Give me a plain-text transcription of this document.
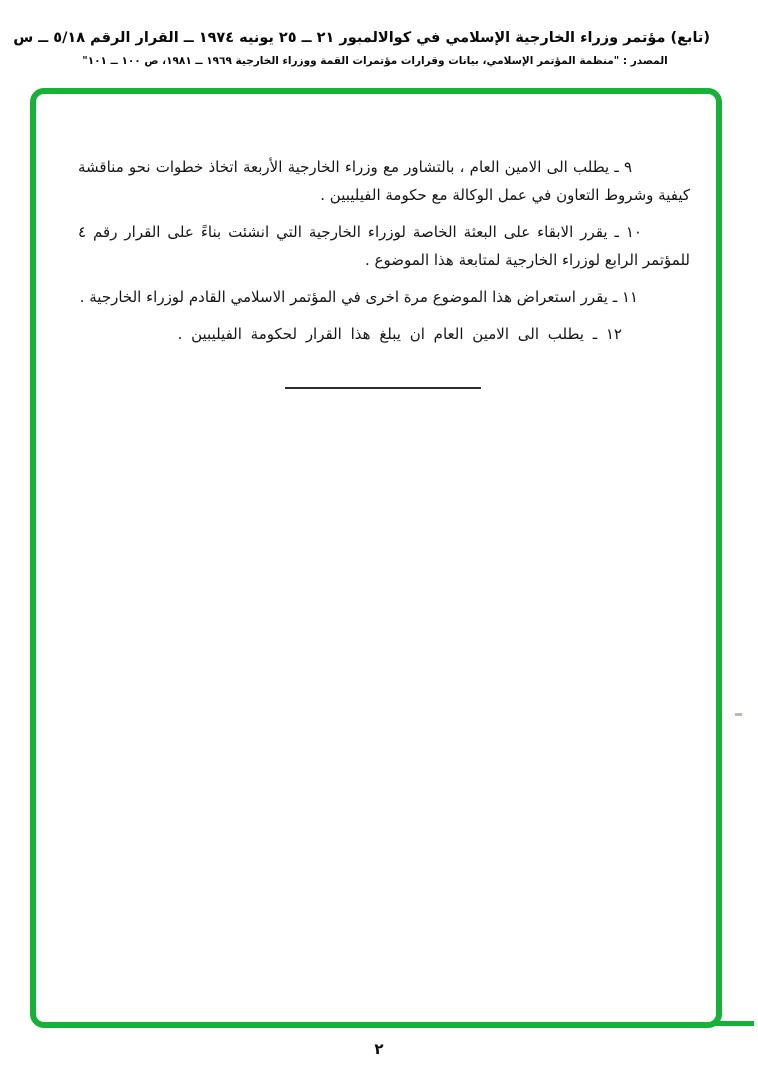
(تابع) مؤتمر وزراء الخارجية الإسلامي في كوالالمبور ٢١ ــ ٢٥ يونيه ١٩٧٤ ــ القرار الرقم ٥/١٨ ــ س
المصدر : "منظمة المؤتمر الإسلامي، بيانات وقرارات مؤتمرات القمة ووزراء الخارجية ١٩٦٩ ــ ١٩٨١، ص ١٠٠ ــ ١٠١"

٩ ـ يطلب الى الامين العام ، بالتشاور مع وزراء الخارجية الأربعة اتخاذ خطوات نحو مناقشة كيفية وشروط التعاون في عمل الوكالة مع حكومة الفيليبين .

١٠ ـ يقرر الابقاء على البعثة الخاصة لوزراء الخارجية التي انشئت بناءً على القرار رقم ٤ للمؤتمر الرابع لوزراء الخارجية لمتابعة هذا الموضوع .

١١ ـ يقرر استعراض هذا الموضوع مرة اخرى في المؤتمر الاسلامي القادم لوزراء الخارجية .

١٢ ـ يطلب الى الامين العام ان يبلغ هذا القرار لحكومة الفيليبين .

٢
